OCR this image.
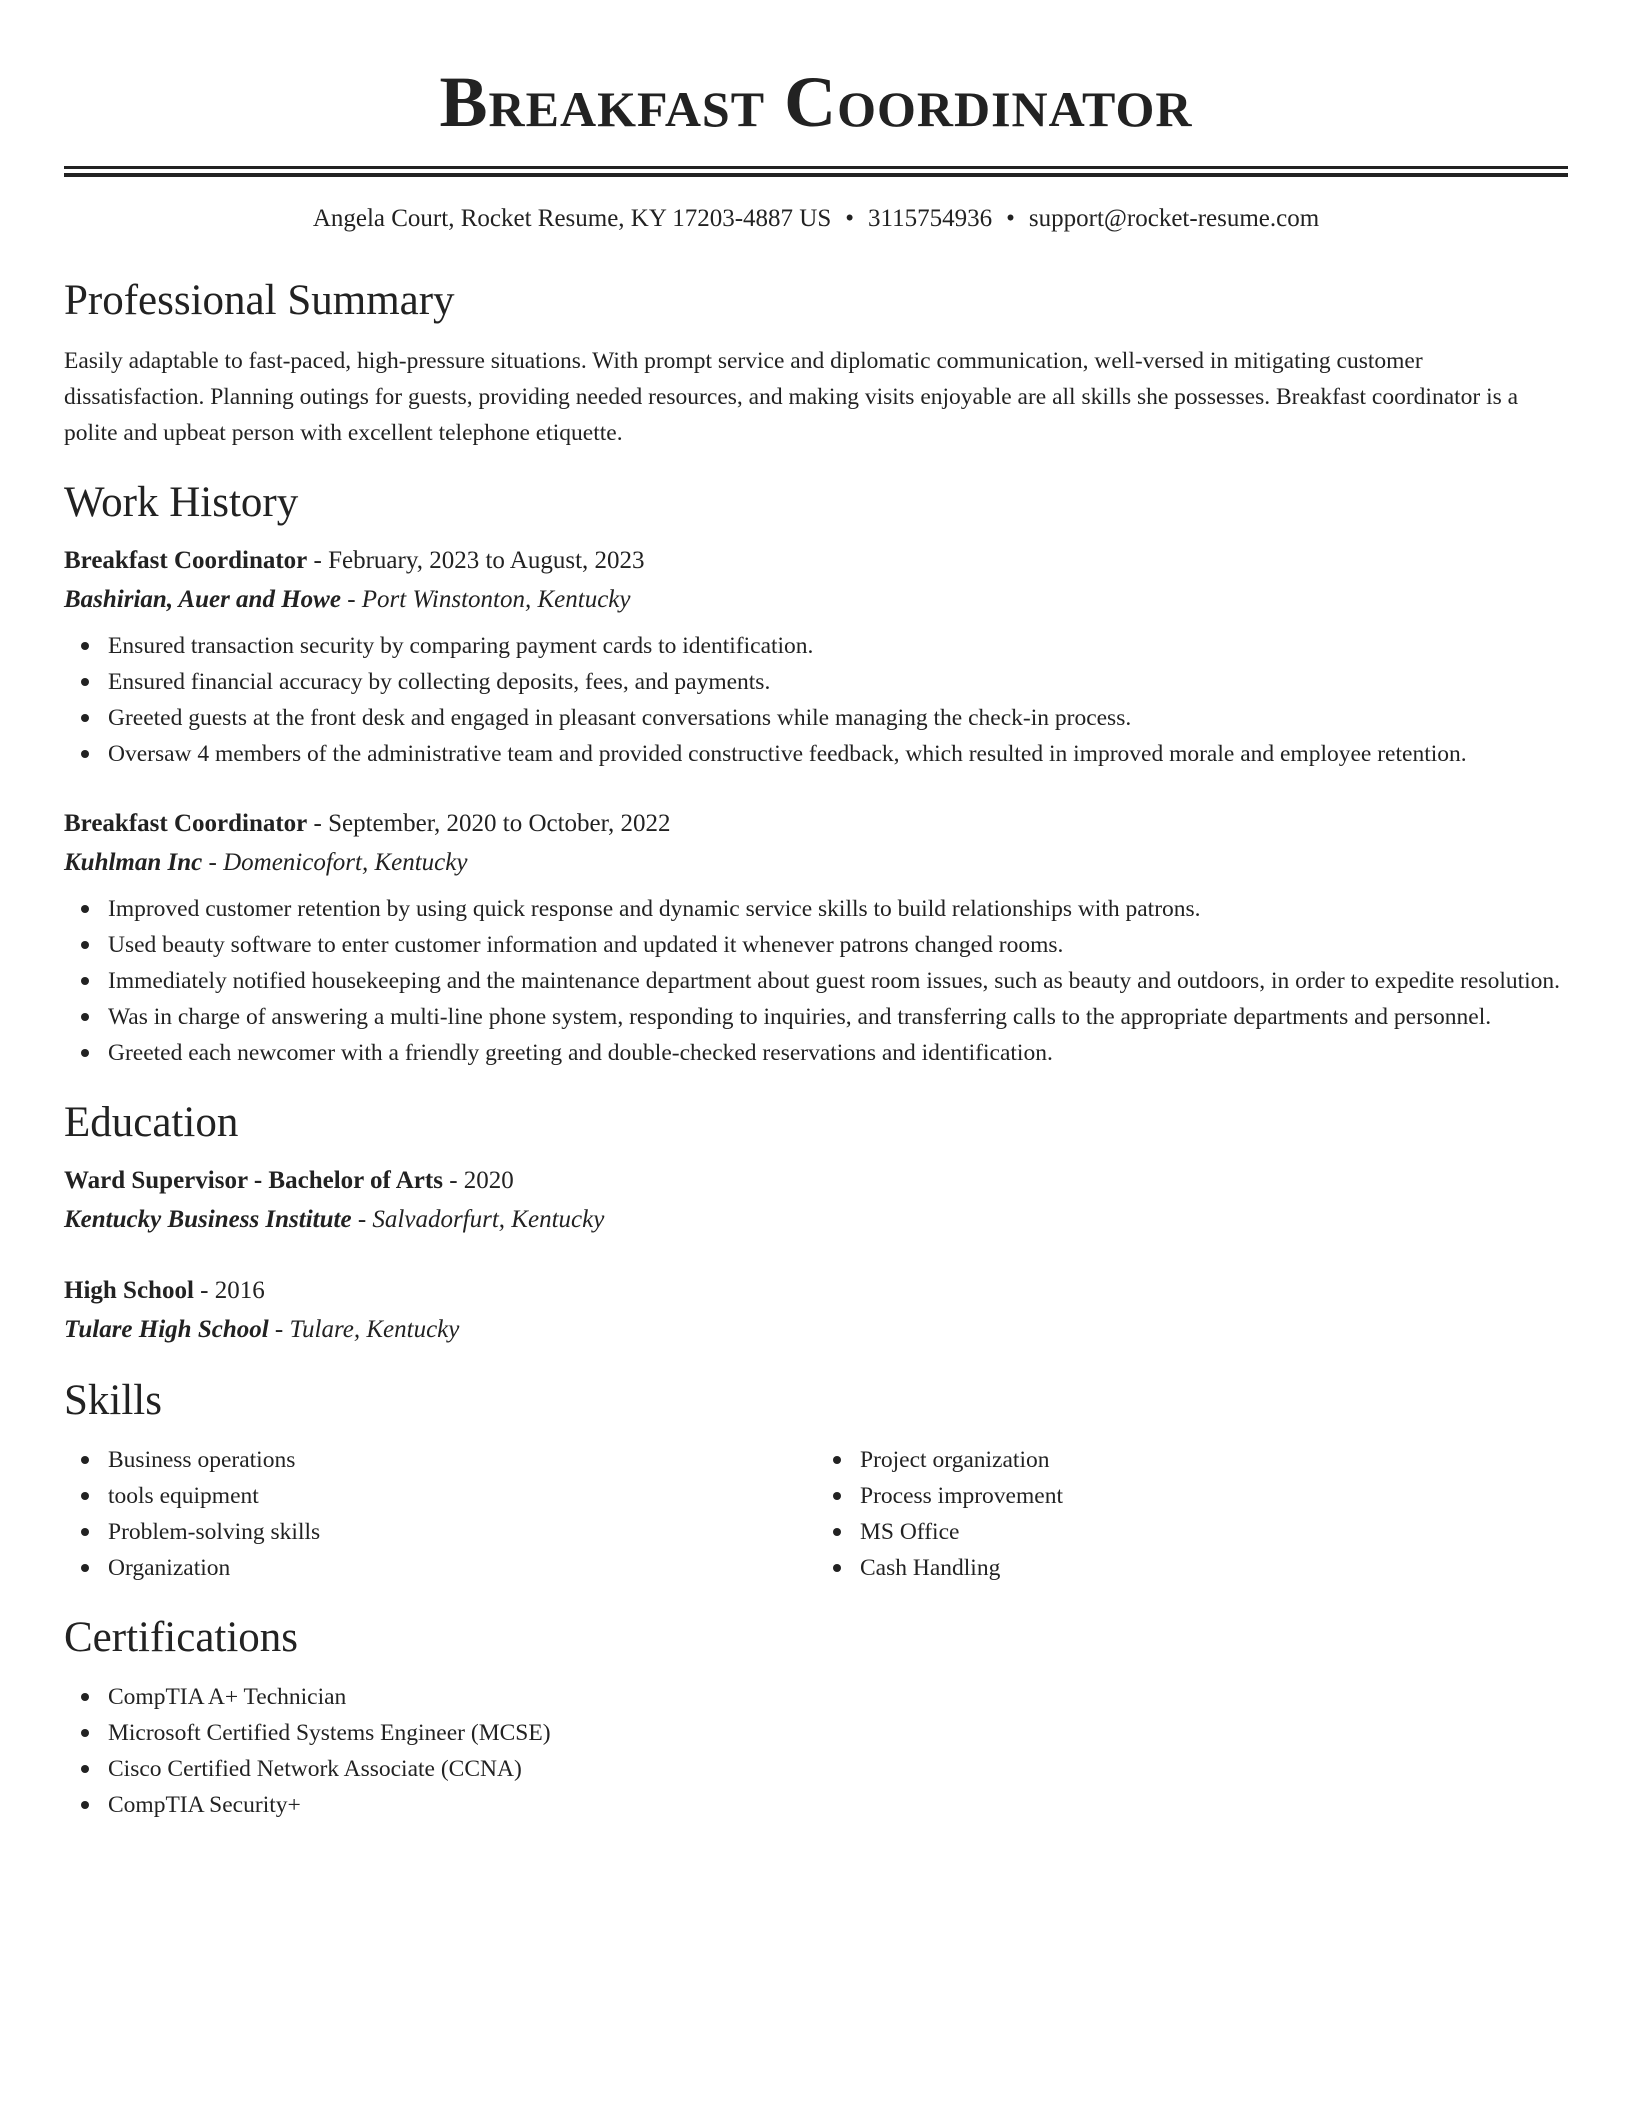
Breakfast Coordinator
Angela Court, Rocket Resume, KY 17203-4887 US • 3115754936 • support@rocket-resume.com
Professional Summary

Easily adaptable to fast-paced, high-pressure situations. With prompt service and diplomatic communication, well-versed in mitigating customer dissatisfaction. Planning outings for guests, providing needed resources, and making visits enjoyable are all skills she possesses. Breakfast coordinator is a polite and upbeat person with excellent telephone etiquette.

Work History
Breakfast Coordinator - February, 2023 to August, 2023
Bashirian, Auer and Howe - Port Winstonton, Kentucky
Ensured transaction security by comparing payment cards to identification.
Ensured financial accuracy by collecting deposits, fees, and payments.
Greeted guests at the front desk and engaged in pleasant conversations while managing the check-in process.
Oversaw 4 members of the administrative team and provided constructive feedback, which resulted in improved morale and employee retention.
Breakfast Coordinator - September, 2020 to October, 2022
Kuhlman Inc - Domenicofort, Kentucky
Improved customer retention by using quick response and dynamic service skills to build relationships with patrons.
Used beauty software to enter customer information and updated it whenever patrons changed rooms.
Immediately notified housekeeping and the maintenance department about guest room issues, such as beauty and outdoors, in order to expedite resolution.
Was in charge of answering a multi-line phone system, responding to inquiries, and transferring calls to the appropriate departments and personnel.
Greeted each newcomer with a friendly greeting and double-checked reservations and identification.
Education
Ward Supervisor - Bachelor of Arts - 2020
Kentucky Business Institute - Salvadorfurt, Kentucky
High School - 2016
Tulare High School - Tulare, Kentucky
Skills
Business operations
tools equipment
Problem-solving skills
Organization
Project organization
Process improvement
MS Office
Cash Handling
Certifications
CompTIA A+ Technician
Microsoft Certified Systems Engineer (MCSE)
Cisco Certified Network Associate (CCNA)
CompTIA Security+
